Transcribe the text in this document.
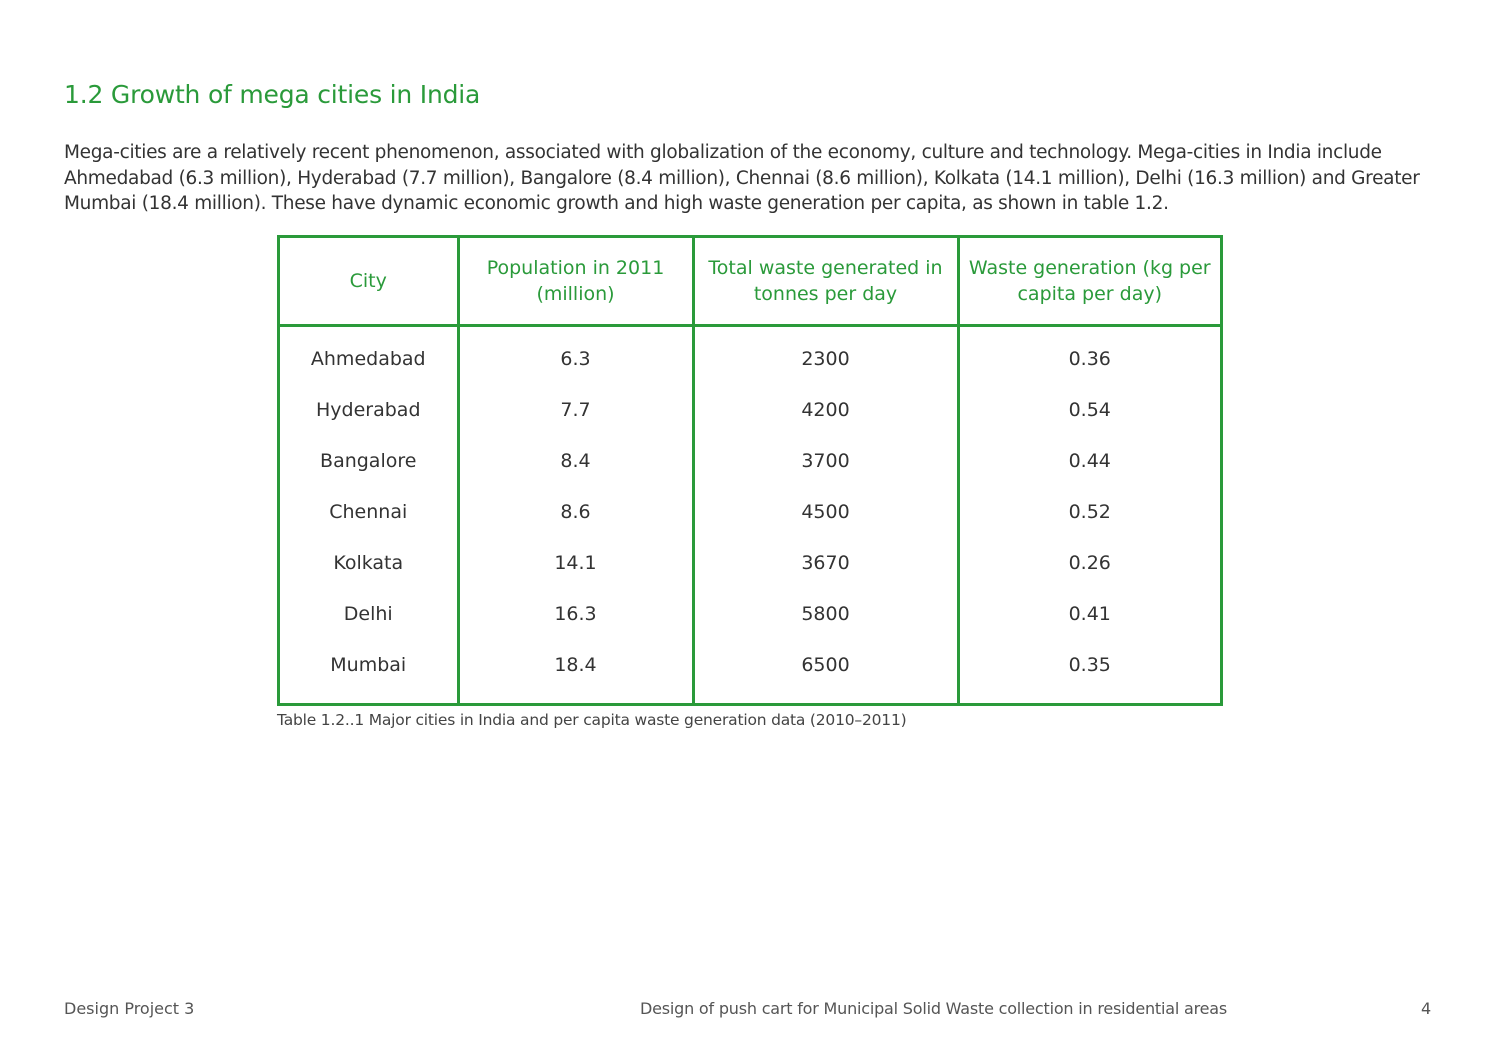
1.2 Growth of mega cities in India

Mega-cities are a relatively recent phenomenon, associated with globalization of the economy, culture and technology. Mega-cities in India include Ahmedabad (6.3 million), Hyderabad (7.7 million), Bangalore (8.4 million), Chennai (8.6 million), Kolkata (14.1 million), Delhi (16.3 million) and Greater Mumbai (18.4 million). These have dynamic economic growth and high waste generation per capita, as shown in table 1.2.

City	Population in 2011 (million)	Total waste generated in tonnes per day	Waste generation (kg per capita per day)
Ahmedabad	6.3	2300	0.36
Hyderabad	7.7	4200	0.54
Bangalore	8.4	3700	0.44
Chennai	8.6	4500	0.52
Kolkata	14.1	3670	0.26
Delhi	16.3	5800	0.41
Mumbai	18.4	6500	0.35

Table 1.2..1 Major cities in India and per capita waste generation data (2010–2011)

Design Project 3	Design of push cart for Municipal Solid Waste collection in residential areas	4
